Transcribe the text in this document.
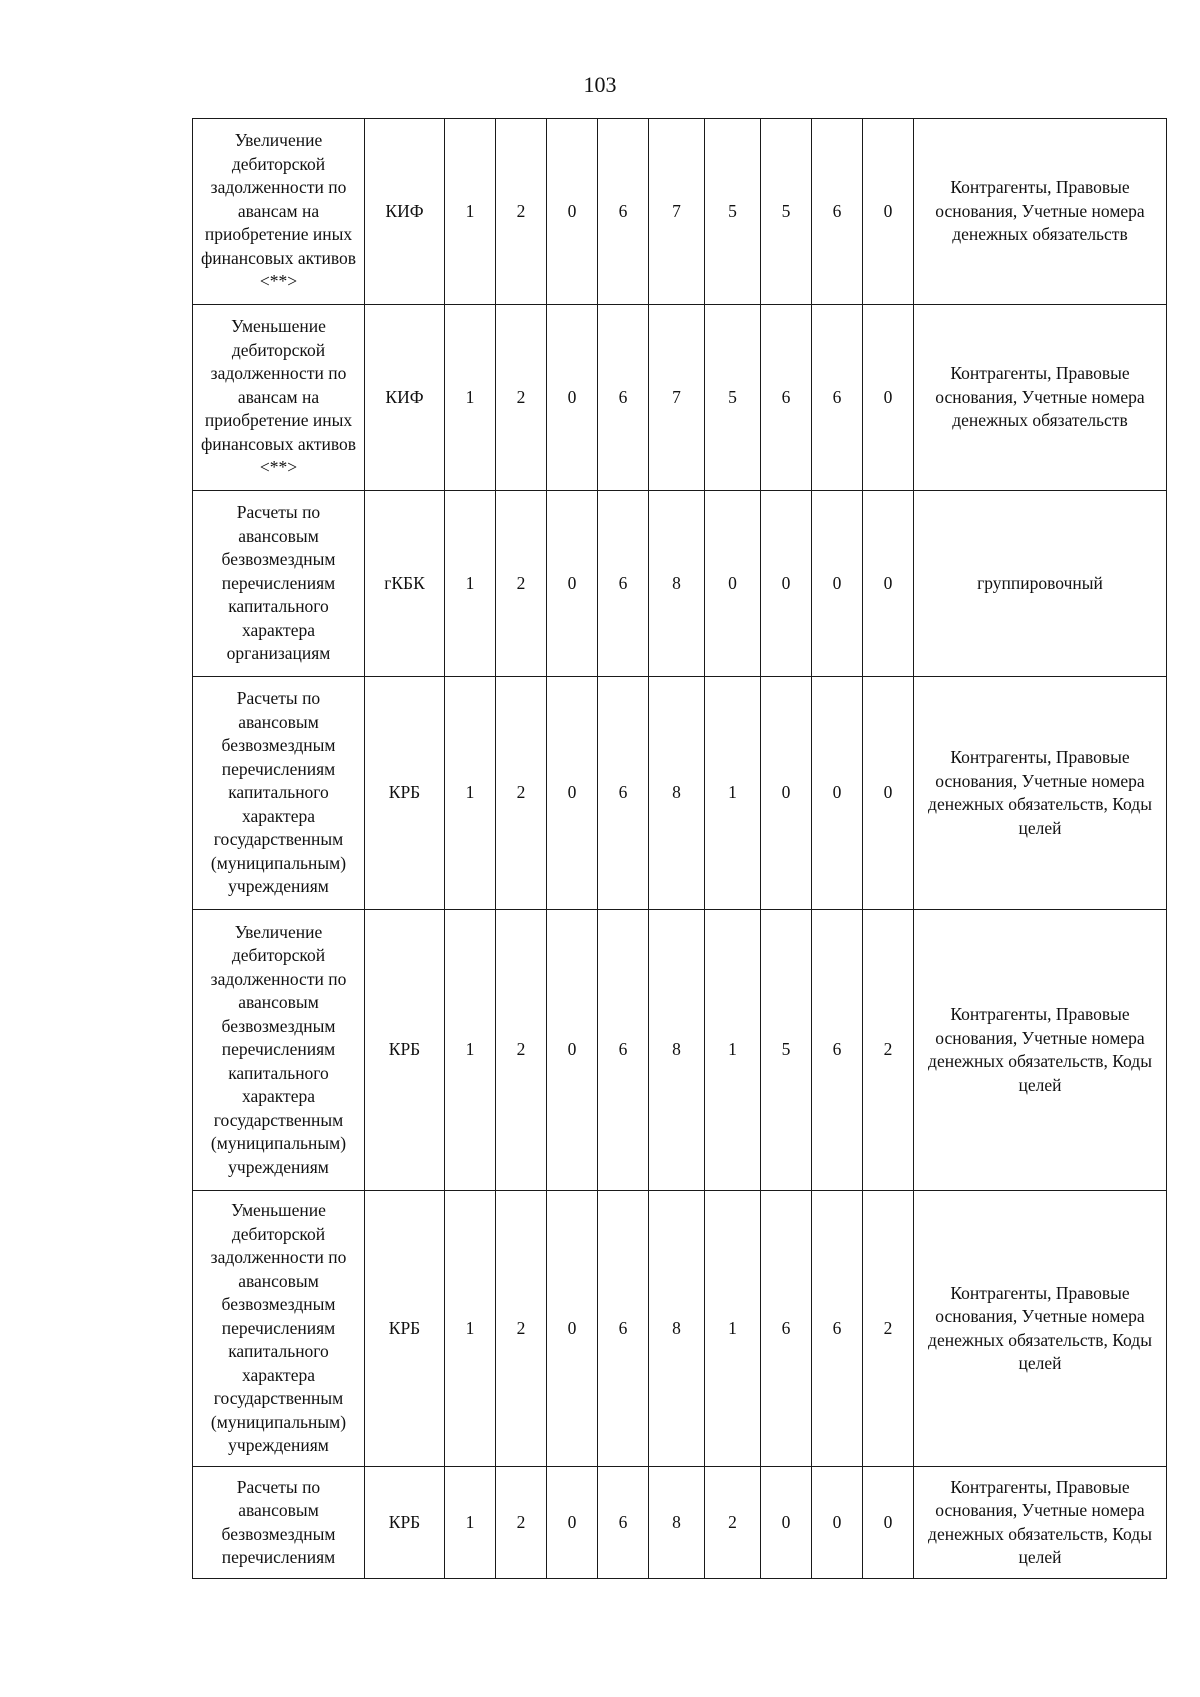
103
Увеличение дебиторской задолженности по авансам на приобретение иных финансовых активов <**>	КИФ	1	2	0	6	7	5	5	6	0	Контрагенты, Правовые основания, Учетные номера денежных обязательств
Уменьшение дебиторской задолженности по авансам на приобретение иных финансовых активов <**>	КИФ	1	2	0	6	7	5	6	6	0	Контрагенты, Правовые основания, Учетные номера денежных обязательств
Расчеты по авансовым безвозмездным перечислениям капитального характера организациям	гКБК	1	2	0	6	8	0	0	0	0	группировочный
Расчеты по авансовым безвозмездным перечислениям капитального характера государственным (муниципальным) учреждениям	КРБ	1	2	0	6	8	1	0	0	0	Контрагенты, Правовые основания, Учетные номера денежных обязательств, Коды целей
Увеличение дебиторской задолженности по авансовым безвозмездным перечислениям капитального характера государственным (муниципальным) учреждениям	КРБ	1	2	0	6	8	1	5	6	2	Контрагенты, Правовые основания, Учетные номера денежных обязательств, Коды целей
Уменьшение дебиторской задолженности по авансовым безвозмездным перечислениям капитального характера государственным (муниципальным) учреждениям	КРБ	1	2	0	6	8	1	6	6	2	Контрагенты, Правовые основания, Учетные номера денежных обязательств, Коды целей
Расчеты по авансовым безвозмездным перечислениям	КРБ	1	2	0	6	8	2	0	0	0	Контрагенты, Правовые основания, Учетные номера денежных обязательств, Коды целей
